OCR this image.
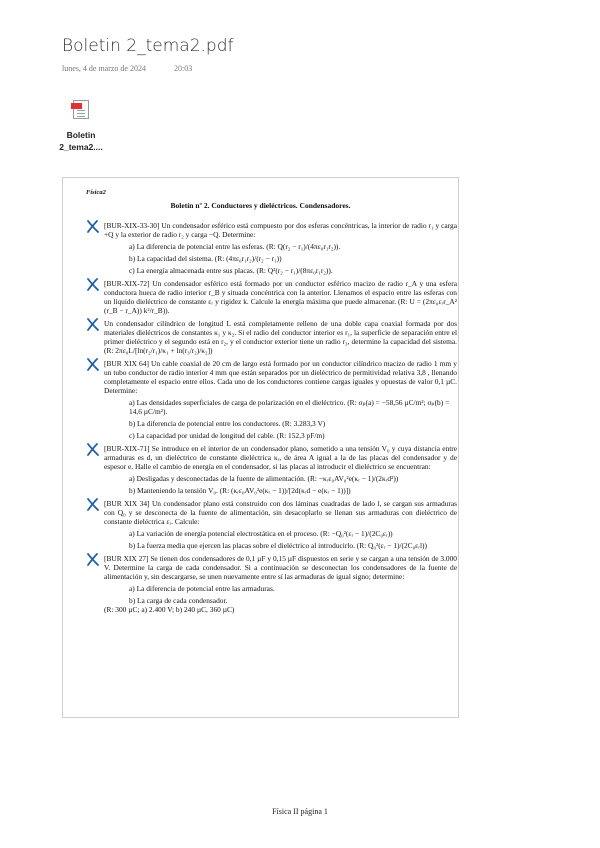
Boletin 2_tema2.pdf
lunes, 4 de marzo de 2024	20:03
Boletin 2_tema2....
Física2
Boletín nº 2. Conductores y dieléctricos. Condensadores.
[BUR-XIX-33-30] Un condensador esférico está compuesto por dos esferas concéntricas, la interior de radio r₁ y carga +Q y la exterior de radio r₂ y carga −Q. Determine:
a) La diferencia de potencial entre las esferas. (R: Q(r₂ − r₁)/(4πε₀r₁r₂)).
b) La capacidad del sistema. (R: (4πε₀r₁r₂)/(r₂ − r₁))
c) La energía almacenada entre sus placas. (R: Q²(r₂ − r₁)/(8πε₀r₁r₂)).
[BUR-XIX-72] Un condensador esférico está formado por un conductor esférico macizo de radio r_A y una esfera conductora hueca de radio interior r_B y situada concéntrica con la anterior. Llenamos el espacio entre las esferas con un líquido dieléctrico de constante εᵣ y rigidez k. Calcule la energía máxima que puede almacenar. (R: U = (2πε₀εᵣr_A² (r_B − r_A)) k²/r_B)).
Un condensador cilíndrico de longitud L está completamente relleno de una doble capa coaxial formada por dos materiales dieléctricos de constantes κ₁ y κ₂. Si el radio del conductor interior es r₁, la superficie de separación entre el primer dieléctrico y el segundo está en r₂, y el conductor exterior tiene un radio r₃, determine la capacidad del sistema. (R: 2πε₀L/[ln(r₂/r₁)/κ₁ + ln(r₃/r₂)/κ₂])
[BUR XIX 64] Un cable coaxial de 20 cm de largo está formado por un conductor cilíndrico macizo de radio 1 mm y un tubo conductor de radio interior 4 mm que están separados por un dieléctrico de permitividad relativa 3,8 , llenando completamente el espacio entre ellos. Cada uno de los conductores contiene cargas iguales y opuestas de valor 0,1 µC. Determine:
a) Las densidades superficiales de carga de polarización en el dieléctrico. (R: σₚ(a) = −58,56 µC/m²; σₚ(b) = 14,6 µC/m²).
b) La diferencia de potencial entre los conductores. (R: 3.283,3 V)
c) La capacidad por unidad de longitud del cable. (R: 152,3 pF/m)
[BUR-XIX-71] Se introduce en el interior de un condensador plano, sometido a una tensión V₀ y cuya distancia entre armaduras es d, un dieléctrico de constante dieléctrica κᵣ, de área A igual a la de las placas del condensador y de espesor e. Halle el cambio de energía en el condensador, si las placas al introducir el dieléctrico se encuentran:
a) Desligadas y desconectadas de la fuente de alimentación. (R: −κᵣε₀AV₀²e(κᵣ − 1)/(2κᵣd²))
b) Manteniendo la tensión V₀. (R: (κᵣε₀AV₀²e(κᵣ − 1))/[2d(κᵣd − e(κᵣ − 1))])
[BUR XIX 34] Un condensador plano está construido con dos láminas cuadradas de lado l, se cargan sus armaduras con Q₀ y se desconecta de la fuente de alimentación, sin desacoplarlo se llenan sus armaduras con dieléctrico de constante dieléctrica εᵣ. Calcule:
a) La variación de energía potencial electrostática en el proceso. (R: −Q₀²(εᵣ − 1)/(2C₀εᵣ))
b) La fuerza media que ejercen las placas sobre el dieléctrico al introducirlo. (R: Q₀²(εᵣ − 1)/(2C₀εᵣl))
[BUR XIX 27] Se tienen dos condensadores de 0,1 µF y 0,15 µF dispuestos en serie y se cargan a una tensión de 3.000 V. Determine la carga de cada condensador. Si a continuación se desconectan los condensadores de la fuente de alimentación y, sin descargarse, se unen nuevamente entre sí las armaduras de igual signo; determine:
a) La diferencia de potencial entre las armaduras.
b) La carga de cada condensador.
(R: 300 µC; a) 2.400 V; b) 240 µC, 360 µC)
Física II página 1
